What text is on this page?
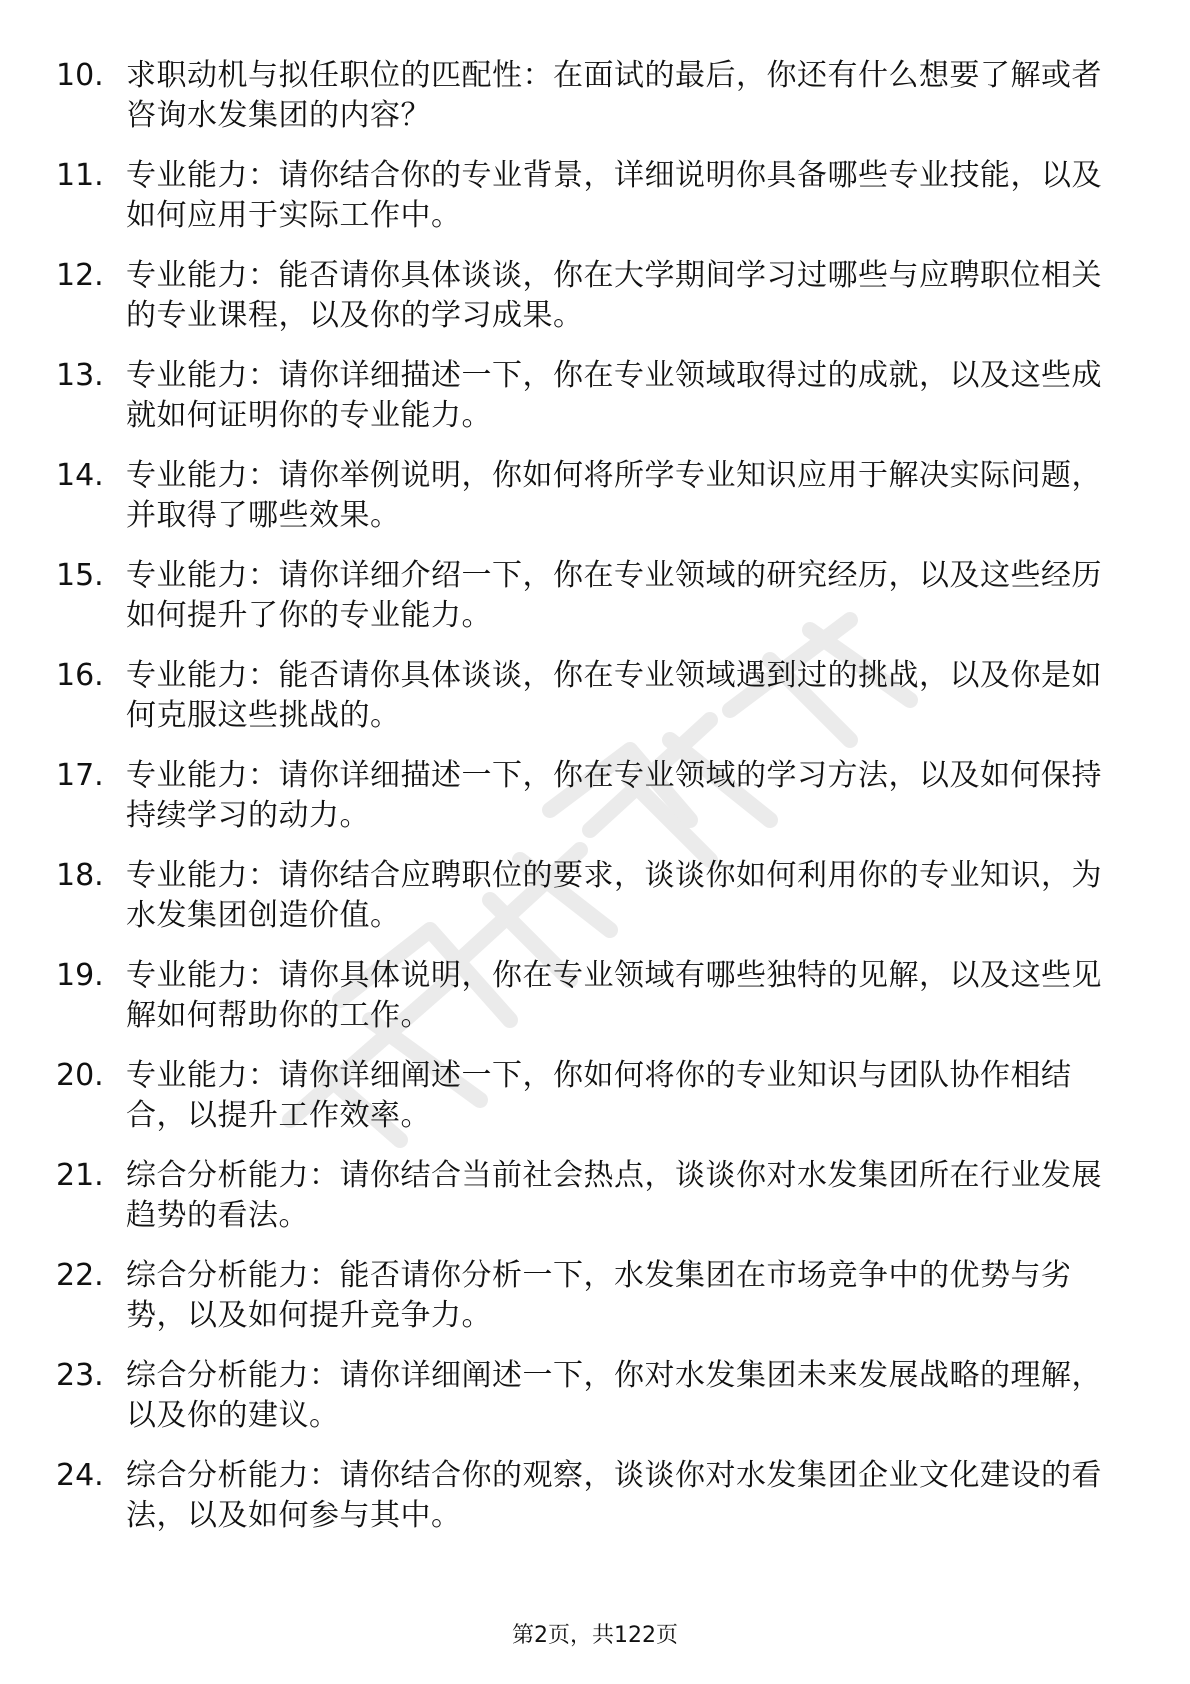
10. 求职动机与拟任职位的匹配性：在面试的最后，你还有什么想要了解或者咨询水发集团的内容？
11. 专业能力：请你结合你的专业背景，详细说明你具备哪些专业技能，以及如何应用于实际工作中。
12. 专业能力：能否请你具体谈谈，你在大学期间学习过哪些与应聘职位相关的专业课程，以及你的学习成果。
13. 专业能力：请你详细描述一下，你在专业领域取得过的成就，以及这些成就如何证明你的专业能力。
14. 专业能力：请你举例说明，你如何将所学专业知识应用于解决实际问题，并取得了哪些效果。
15. 专业能力：请你详细介绍一下，你在专业领域的研究经历，以及这些经历如何提升了你的专业能力。
16. 专业能力：能否请你具体谈谈，你在专业领域遇到过的挑战，以及你是如何克服这些挑战的。
17. 专业能力：请你详细描述一下，你在专业领域的学习方法，以及如何保持持续学习的动力。
18. 专业能力：请你结合应聘职位的要求，谈谈你如何利用你的专业知识，为水发集团创造价值。
19. 专业能力：请你具体说明，你在专业领域有哪些独特的见解，以及这些见解如何帮助你的工作。
20. 专业能力：请你详细阐述一下，你如何将你的专业知识与团队协作相结合，以提升工作效率。
21. 综合分析能力：请你结合当前社会热点，谈谈你对水发集团所在行业发展趋势的看法。
22. 综合分析能力：能否请你分析一下，水发集团在市场竞争中的优势与劣势，以及如何提升竞争力。
23. 综合分析能力：请你详细阐述一下，你对水发集团未来发展战略的理解，以及你的建议。
24. 综合分析能力：请你结合你的观察，谈谈你对水发集团企业文化建设的看法，以及如何参与其中。
第2页，共122页
